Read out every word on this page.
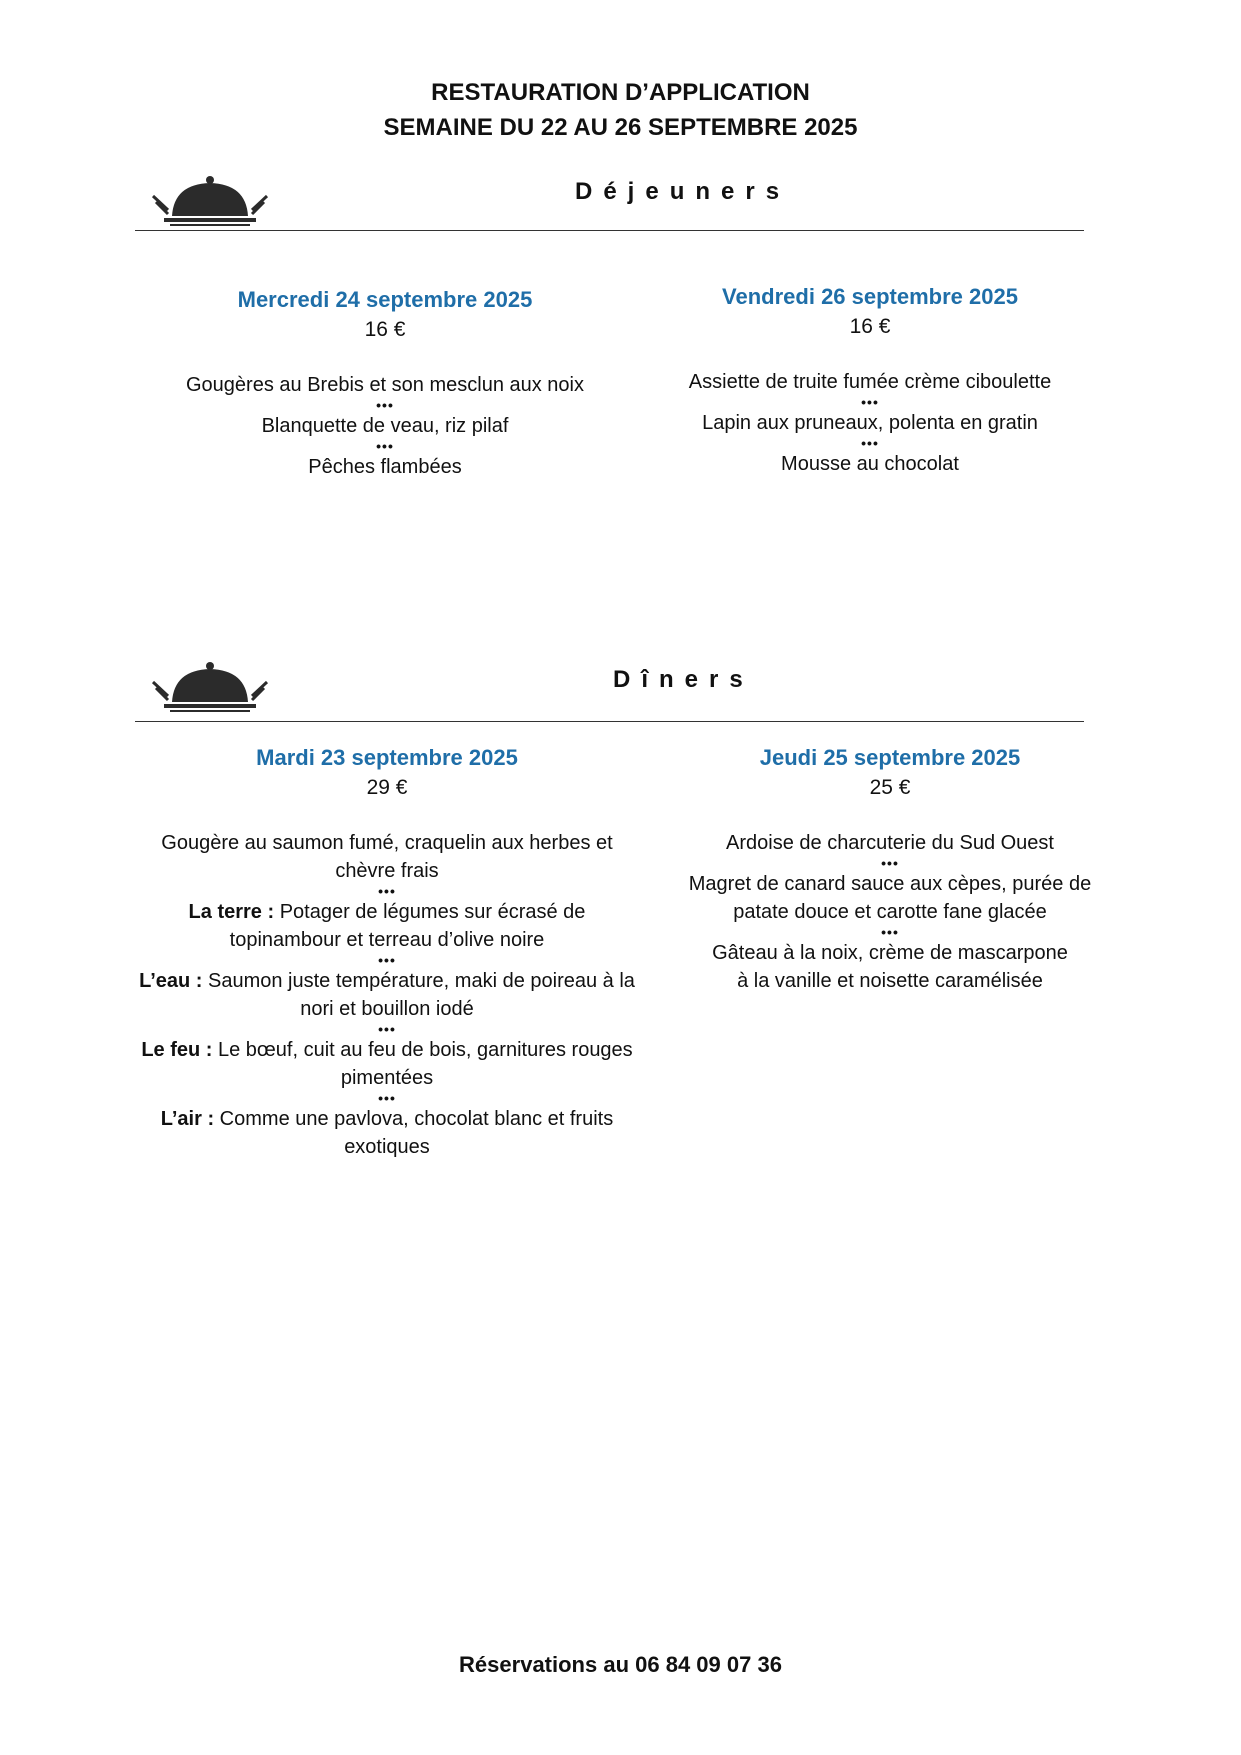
RESTAURATION D’APPLICATION
SEMAINE DU 22 AU 26 SEPTEMBRE 2025
Déjeuners
Mercredi 24 septembre 2025
16 €
Gougères au Brebis et son mesclun aux noix
•••
Blanquette de veau, riz pilaf
•••
Pêches flambées
Vendredi 26 septembre 2025
16 €
Assiette de truite fumée crème ciboulette
•••
Lapin aux pruneaux, polenta en gratin
•••
Mousse au chocolat
Dîners
Mardi 23 septembre 2025
29 €
Gougère au saumon fumé, craquelin aux herbes et chèvre frais
•••
La terre : Potager de légumes sur écrasé de topinambour et terreau d’olive noire
•••
L’eau : Saumon juste température, maki de poireau à la nori et bouillon iodé
•••
Le feu : Le bœuf, cuit au feu de bois, garnitures rouges pimentées
•••
L’air : Comme une pavlova, chocolat blanc et fruits exotiques
Jeudi 25 septembre 2025
25 €
Ardoise de charcuterie du Sud Ouest
•••
Magret de canard sauce aux cèpes, purée de patate douce et carotte fane glacée
•••
Gâteau à la noix, crème de mascarpone à la vanille et noisette caramélisée
Réservations au 06 84 09 07 36
